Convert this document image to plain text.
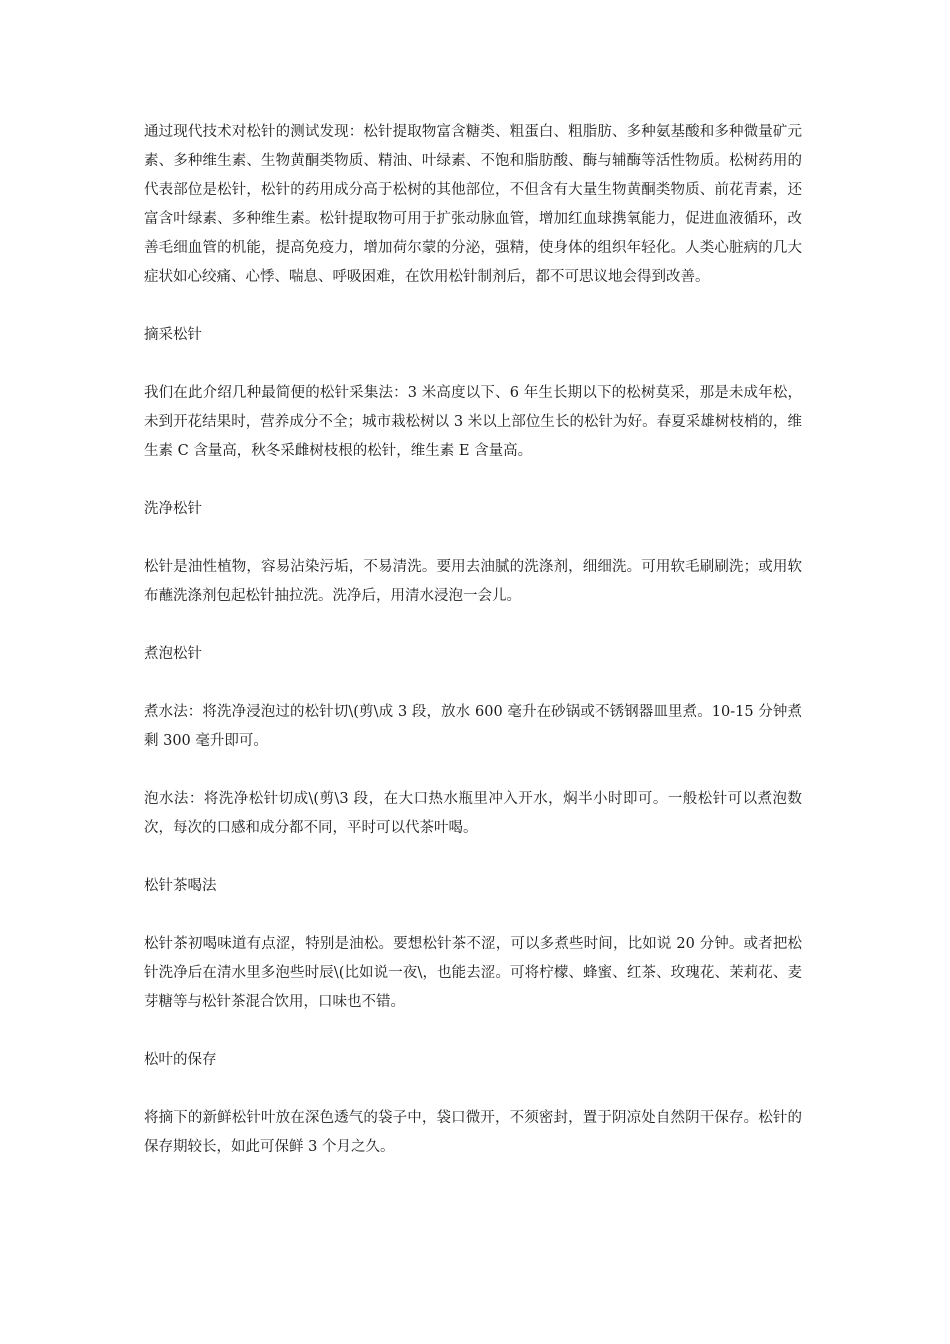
通过现代技术对松针的测试发现：松针提取物富含糖类、粗蛋白、粗脂肪、多种氨基酸和多种微量矿元素、多种维生素、生物黄酮类物质、精油、叶绿素、不饱和脂肪酸、酶与辅酶等活性物质。松树药用的代表部位是松针，松针的药用成分高于松树的其他部位，不但含有大量生物黄酮类物质、前花青素，还富含叶绿素、多种维生素。松针提取物可用于扩张动脉血管，增加红血球携氧能力，促进血液循环，改善毛细血管的机能，提高免疫力，增加荷尔蒙的分泌，强精，使身体的组织年轻化。人类心脏病的几大症状如心绞痛、心悸、喘息、呼吸困难，在饮用松针制剂后，都不可思议地会得到改善。

摘采松针

我们在此介绍几种最简便的松针采集法：3 米高度以下、6 年生长期以下的松树莫采，那是未成年松，未到开花结果时，营养成分不全；城市栽松树以 3 米以上部位生长的松针为好。春夏采雄树枝梢的，维生素 C 含量高，秋冬采雌树枝根的松针，维生素 E 含量高。

洗净松针

松针是油性植物，容易沾染污垢，不易清洗。要用去油腻的洗涤剂，细细洗。可用软毛刷刷洗；或用软布蘸洗涤剂包起松针抽拉洗。洗净后，用清水浸泡一会儿。

煮泡松针

煮水法：将洗净浸泡过的松针切\(剪\成 3 段，放水 600 毫升在砂锅或不锈钢器皿里煮。10-15 分钟煮剩 300 毫升即可。

泡水法：将洗净松针切成\(剪\3 段，在大口热水瓶里冲入开水，焖半小时即可。一般松针可以煮泡数次，每次的口感和成分都不同，平时可以代茶叶喝。

松针茶喝法

松针茶初喝味道有点涩，特别是油松。要想松针茶不涩，可以多煮些时间，比如说 20 分钟。或者把松针洗净后在清水里多泡些时辰\(比如说一夜\，也能去涩。可将柠檬、蜂蜜、红茶、玫瑰花、茉莉花、麦芽糖等与松针茶混合饮用，口味也不错。

松叶的保存

将摘下的新鲜松针叶放在深色透气的袋子中，袋口微开，不须密封，置于阴凉处自然阴干保存。松针的保存期较长，如此可保鲜 3 个月之久。
